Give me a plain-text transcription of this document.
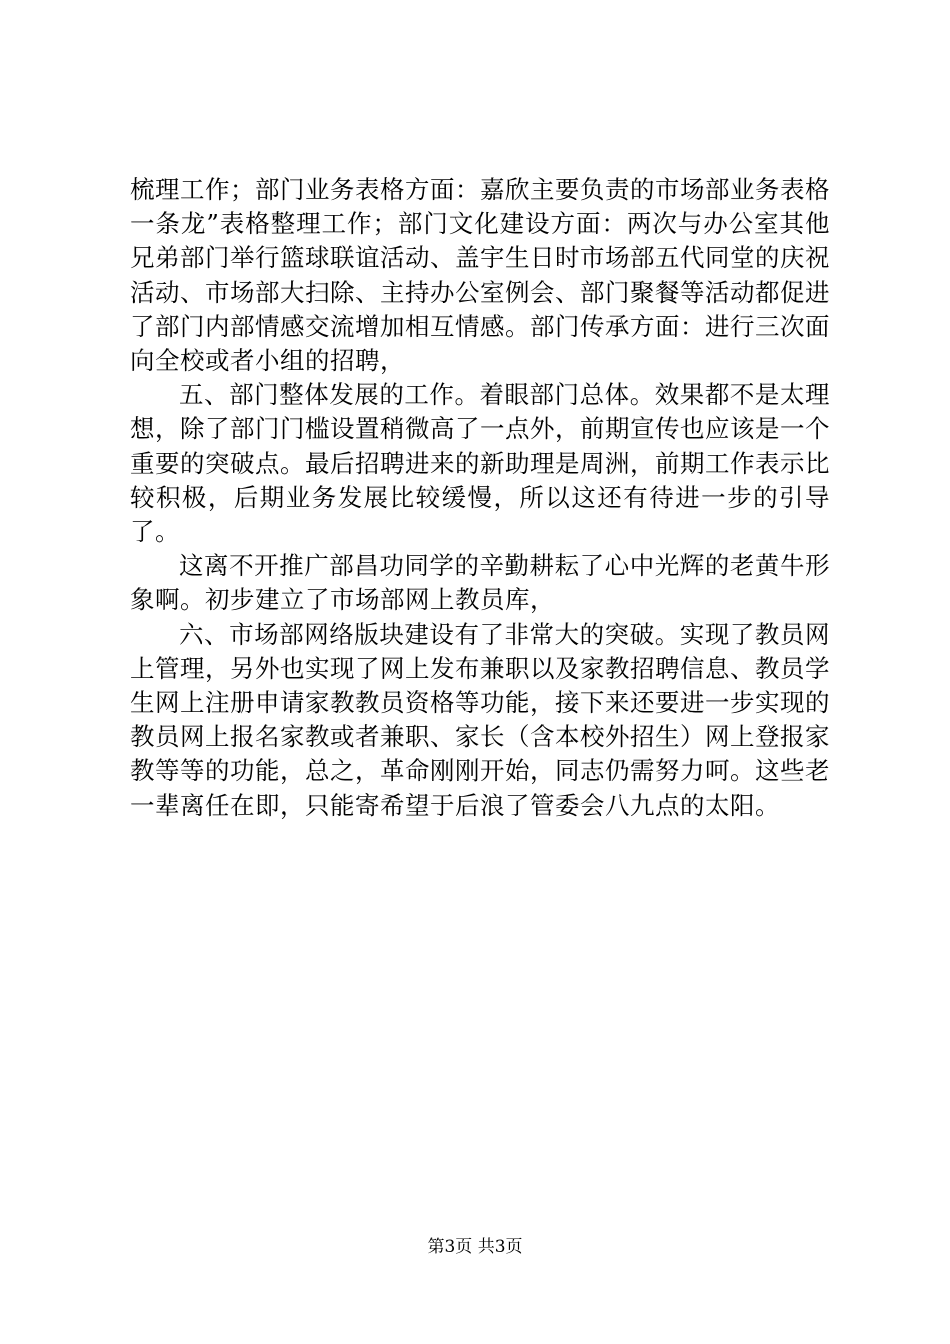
梳理工作；部门业务表格方面：嘉欣主要负责的市场部业务表格一条龙”表格整理工作；部门文化建设方面：两次与办公室其他兄弟部门举行篮球联谊活动、盖宇生日时市场部五代同堂的庆祝活动、市场部大扫除、主持办公室例会、部门聚餐等活动都促进了部门内部情感交流增加相互情感。部门传承方面：进行三次面向全校或者小组的招聘，

五、部门整体发展的工作。着眼部门总体。效果都不是太理想，除了部门门槛设置稍微高了一点外，前期宣传也应该是一个重要的突破点。最后招聘进来的新助理是周洲，前期工作表示比较积极，后期业务发展比较缓慢，所以这还有待进一步的引导了。

这离不开推广部昌功同学的辛勤耕耘了心中光辉的老黄牛形象啊。初步建立了市场部网上教员库，

六、市场部网络版块建设有了非常大的突破。实现了教员网上管理，另外也实现了网上发布兼职以及家教招聘信息、教员学生网上注册申请家教教员资格等功能，接下来还要进一步实现的教员网上报名家教或者兼职、家长（含本校外招生）网上登报家教等等的功能，总之，革命刚刚开始，同志仍需努力呵。这些老一辈离任在即，只能寄希望于后浪了管委会八九点的太阳。

第3页 共3页
